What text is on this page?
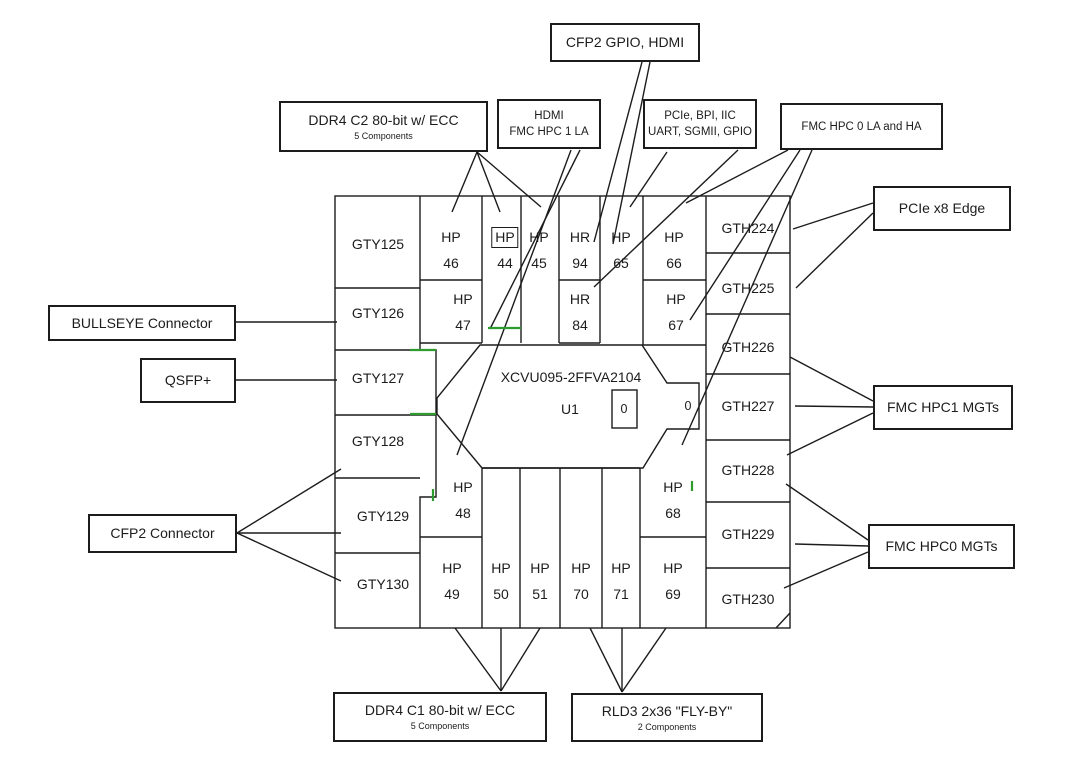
GTY125
GTY126
GTY127
GTY128
GTY129
GTY130
GTH224
GTH225
GTH226
GTH227
GTH228
GTH229
GTH230
HP
46
HP
44
HP
45
HR
94
HP
65
HP
66
HP
47
HR
84
HP
67
HP
48
HP
68
HP
49
HP
50
HP
51
HP
70
HP
71
HP
69
XCVU095-2FFVA2104
U1	0	0
CFP2 GPIO, HDMI
DDR4 C2 80-bit w/ ECC
5 Components
HDMI
FMC HPC 1 LA
PCIe, BPI, IIC
UART, SGMII, GPIO	FMC HPC 0 LA and HA
PCIe x8 Edge
FMC HPC1 MGTs
FMC HPC0 MGTs
BULLSEYE Connector
QSFP+
CFP2 Connector
DDR4 C1 80-bit w/ ECC
5 Components
RLD3 2x36 "FLY-BY"
2 Components
